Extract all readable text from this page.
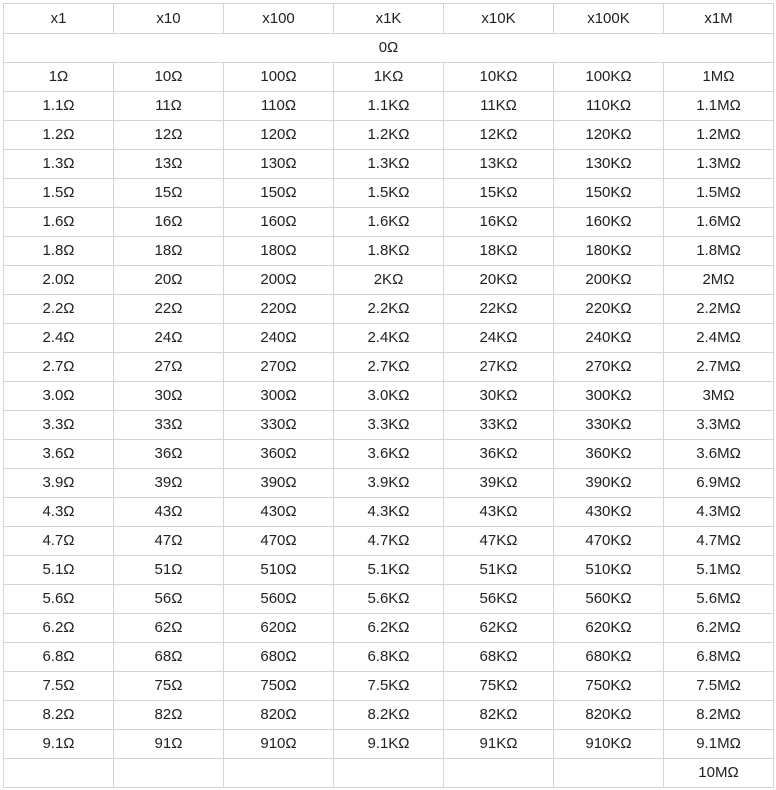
x1	x10	x100	x1K	x10K	x100K	x1M
0Ω						
1Ω	10Ω	100Ω	1KΩ	10KΩ	100KΩ	1MΩ
1.1Ω	11Ω	110Ω	1.1KΩ	11KΩ	110KΩ	1.1MΩ
1.2Ω	12Ω	120Ω	1.2KΩ	12KΩ	120KΩ	1.2MΩ
1.3Ω	13Ω	130Ω	1.3KΩ	13KΩ	130KΩ	1.3MΩ
1.5Ω	15Ω	150Ω	1.5KΩ	15KΩ	150KΩ	1.5MΩ
1.6Ω	16Ω	160Ω	1.6KΩ	16KΩ	160KΩ	1.6MΩ
1.8Ω	18Ω	180Ω	1.8KΩ	18KΩ	180KΩ	1.8MΩ
2.0Ω	20Ω	200Ω	2KΩ	20KΩ	200KΩ	2MΩ
2.2Ω	22Ω	220Ω	2.2KΩ	22KΩ	220KΩ	2.2MΩ
2.4Ω	24Ω	240Ω	2.4KΩ	24KΩ	240KΩ	2.4MΩ
2.7Ω	27Ω	270Ω	2.7KΩ	27KΩ	270KΩ	2.7MΩ
3.0Ω	30Ω	300Ω	3.0KΩ	30KΩ	300KΩ	3MΩ
3.3Ω	33Ω	330Ω	3.3KΩ	33KΩ	330KΩ	3.3MΩ
3.6Ω	36Ω	360Ω	3.6KΩ	36KΩ	360KΩ	3.6MΩ
3.9Ω	39Ω	390Ω	3.9KΩ	39KΩ	390KΩ	6.9MΩ
4.3Ω	43Ω	430Ω	4.3KΩ	43KΩ	430KΩ	4.3MΩ
4.7Ω	47Ω	470Ω	4.7KΩ	47KΩ	470KΩ	4.7MΩ
5.1Ω	51Ω	510Ω	5.1KΩ	51KΩ	510KΩ	5.1MΩ
5.6Ω	56Ω	560Ω	5.6KΩ	56KΩ	560KΩ	5.6MΩ
6.2Ω	62Ω	620Ω	6.2KΩ	62KΩ	620KΩ	6.2MΩ
6.8Ω	68Ω	680Ω	6.8KΩ	68KΩ	680KΩ	6.8MΩ
7.5Ω	75Ω	750Ω	7.5KΩ	75KΩ	750KΩ	7.5MΩ
8.2Ω	82Ω	820Ω	8.2KΩ	82KΩ	820KΩ	8.2MΩ
9.1Ω	91Ω	910Ω	9.1KΩ	91KΩ	910KΩ	9.1MΩ
						10MΩ
